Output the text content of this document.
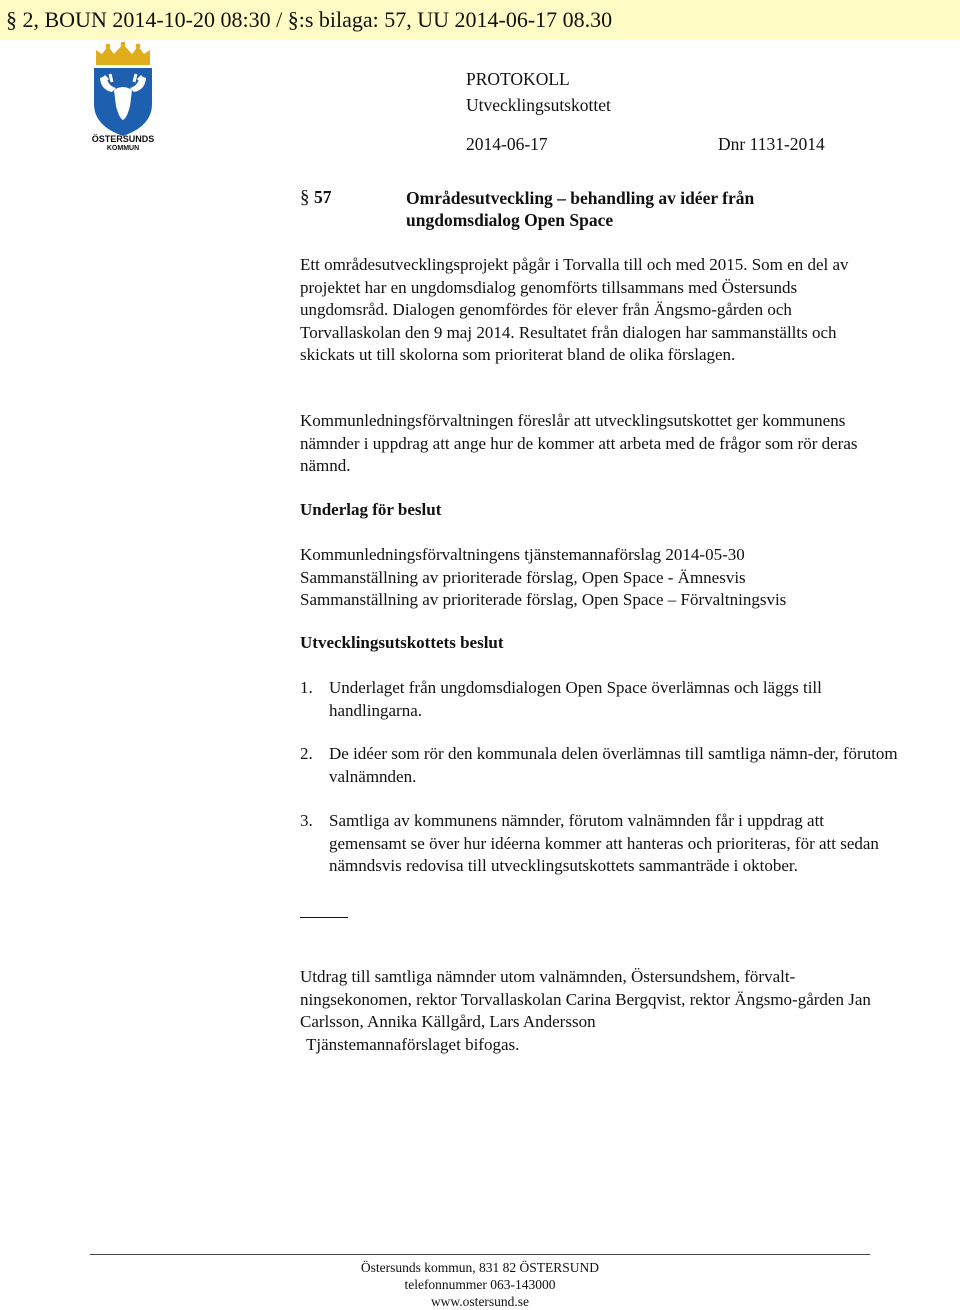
§ 2, BOUN 2014-10-20 08:30 / §:s bilaga: 57, UU 2014-06-17 08.30
ÖSTERSUNDS
KOMMUN
PROTOKOLL
Utvecklingsutskottet
2014-06-17	Dnr 1131-2014
§ 57	Områdesutveckling – behandling av idéer från ungdomsdialog Open Space
Ett områdesutvecklingsprojekt pågår i Torvalla till och med 2015. Som en del av projektet har en ungdomsdialog genomförts tillsammans med Östersunds ungdomsråd. Dialogen genomfördes för elever från Ängsmo-gården och Torvallaskolan den 9 maj 2014. Resultatet från dialogen har sammanställts och skickats ut till skolorna som prioriterat bland de olika förslagen.
Kommunledningsförvaltningen föreslår att utvecklingsutskottet ger kommunens nämnder i uppdrag att ange hur de kommer att arbeta med de frågor som rör deras nämnd.
Underlag för beslut
Kommunledningsförvaltningens tjänstemannaförslag 2014-05-30
Sammanställning av prioriterade förslag, Open Space - Ämnesvis
Sammanställning av prioriterade förslag, Open Space – Förvaltningsvis
Utvecklingsutskottets beslut
1. Underlaget från ungdomsdialogen Open Space överlämnas och läggs till handlingarna.
2. De idéer som rör den kommunala delen överlämnas till samtliga nämn-der, förutom valnämnden.
3. Samtliga av kommunens nämnder, förutom valnämnden får i uppdrag att gemensamt se över hur idéerna kommer att hanteras och prioriteras, för att sedan nämndsvis redovisa till utvecklingsutskottets sammanträde i oktober.
Utdrag till samtliga nämnder utom valnämnden, Östersundshem, förvalt-ningsekonomen, rektor Torvallaskolan Carina Bergqvist, rektor Ängsmo-gården Jan Carlsson, Annika Källgård, Lars Andersson
Tjänstemannaförslaget bifogas.
Östersunds kommun, 831 82 ÖSTERSUND
telefonnummer 063-143000
www.ostersund.se
